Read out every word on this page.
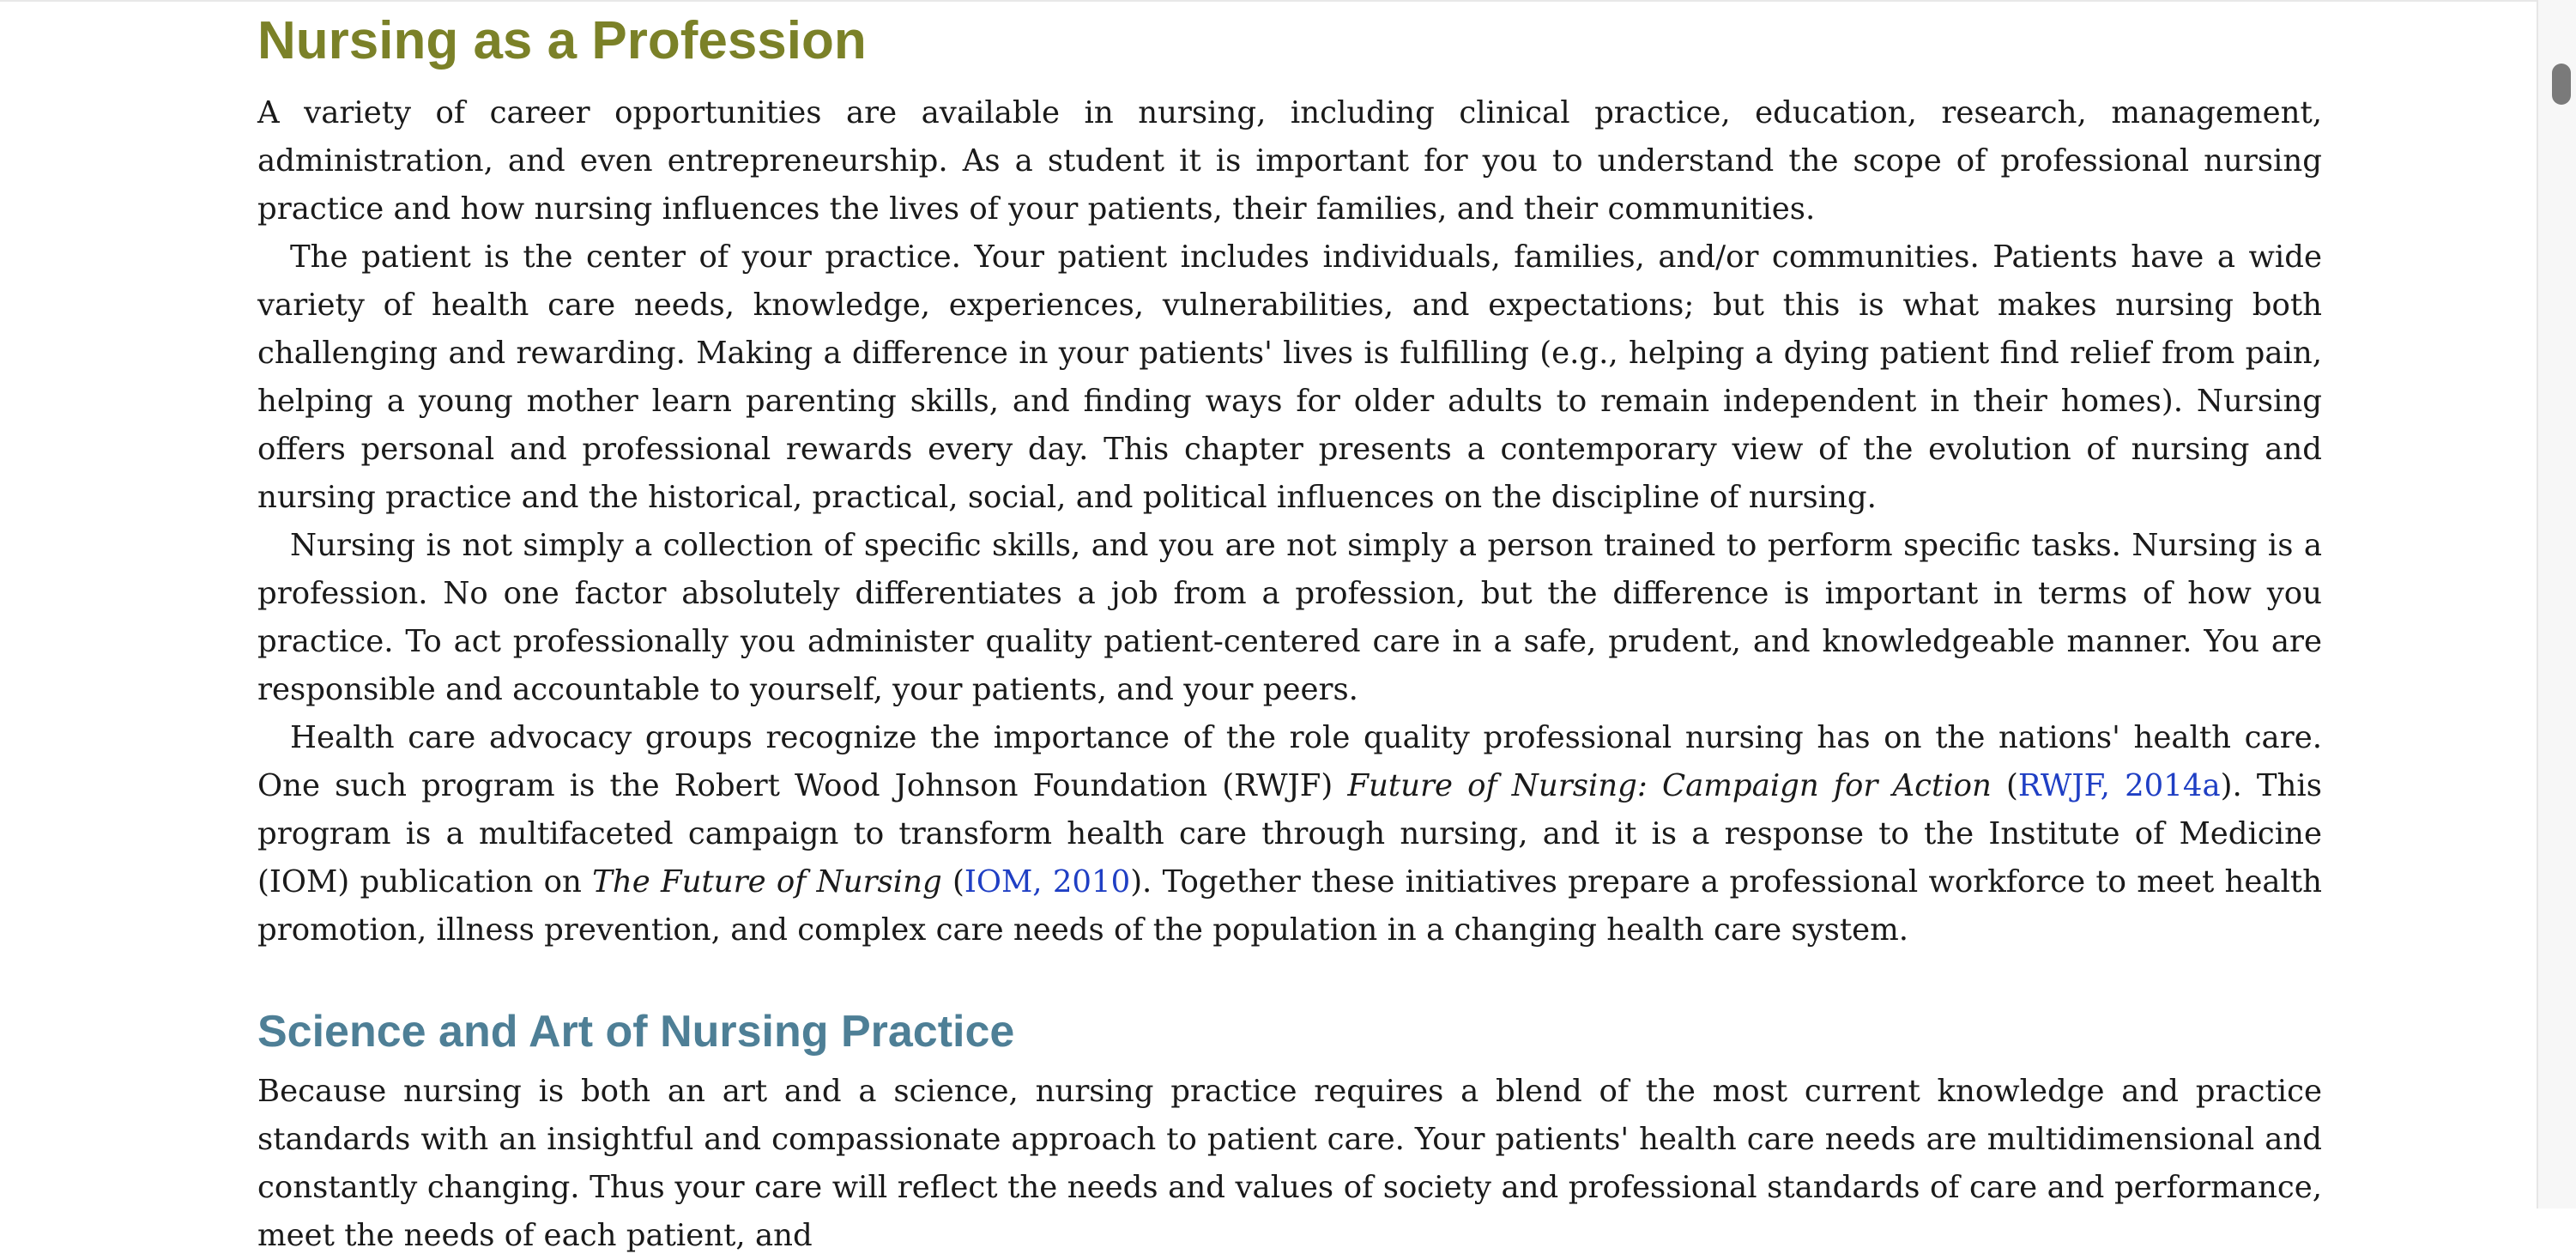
Nursing as a Profession

A variety of career opportunities are available in nursing, including clinical practice, education, research, management, administration, and even entrepreneurship. As a student it is important for you to understand the scope of professional nursing practice and how nursing influences the lives of your patients, their families, and their communities.

The patient is the center of your practice. Your patient includes individuals, families, and/or communities. Patients have a wide variety of health care needs, knowledge, experiences, vulnerabilities, and expectations; but this is what makes nursing both challenging and rewarding. Making a difference in your patients' lives is fulfilling (e.g., helping a dying patient find relief from pain, helping a young mother learn parenting skills, and finding ways for older adults to remain independent in their homes). Nursing offers personal and professional rewards every day. This chapter presents a contemporary view of the evolution of nursing and nursing practice and the historical, practical, social, and political influences on the discipline of nursing.

Nursing is not simply a collection of specific skills, and you are not simply a person trained to perform specific tasks. Nursing is a profession. No one factor absolutely differentiates a job from a profession, but the difference is important in terms of how you practice. To act professionally you administer quality patient-centered care in a safe, prudent, and knowledgeable manner. You are responsible and accountable to yourself, your patients, and your peers.

Health care advocacy groups recognize the importance of the role quality professional nursing has on the nations' health care. One such program is the Robert Wood Johnson Foundation (RWJF) Future of Nursing: Campaign for Action (RWJF, 2014a). This program is a multifaceted campaign to transform health care through nursing, and it is a response to the Institute of Medicine (IOM) publication on The Future of Nursing (IOM, 2010). Together these initiatives prepare a professional workforce to meet health promotion, illness prevention, and complex care needs of the population in a changing health care system.

Science and Art of Nursing Practice

Because nursing is both an art and a science, nursing practice requires a blend of the most current knowledge and practice standards with an insightful and compassionate approach to patient care. Your patients' health care needs are multidimensional and constantly changing. Thus your care will reflect the needs and values of society and professional standards of care and performance, meet the needs of each patient, and
